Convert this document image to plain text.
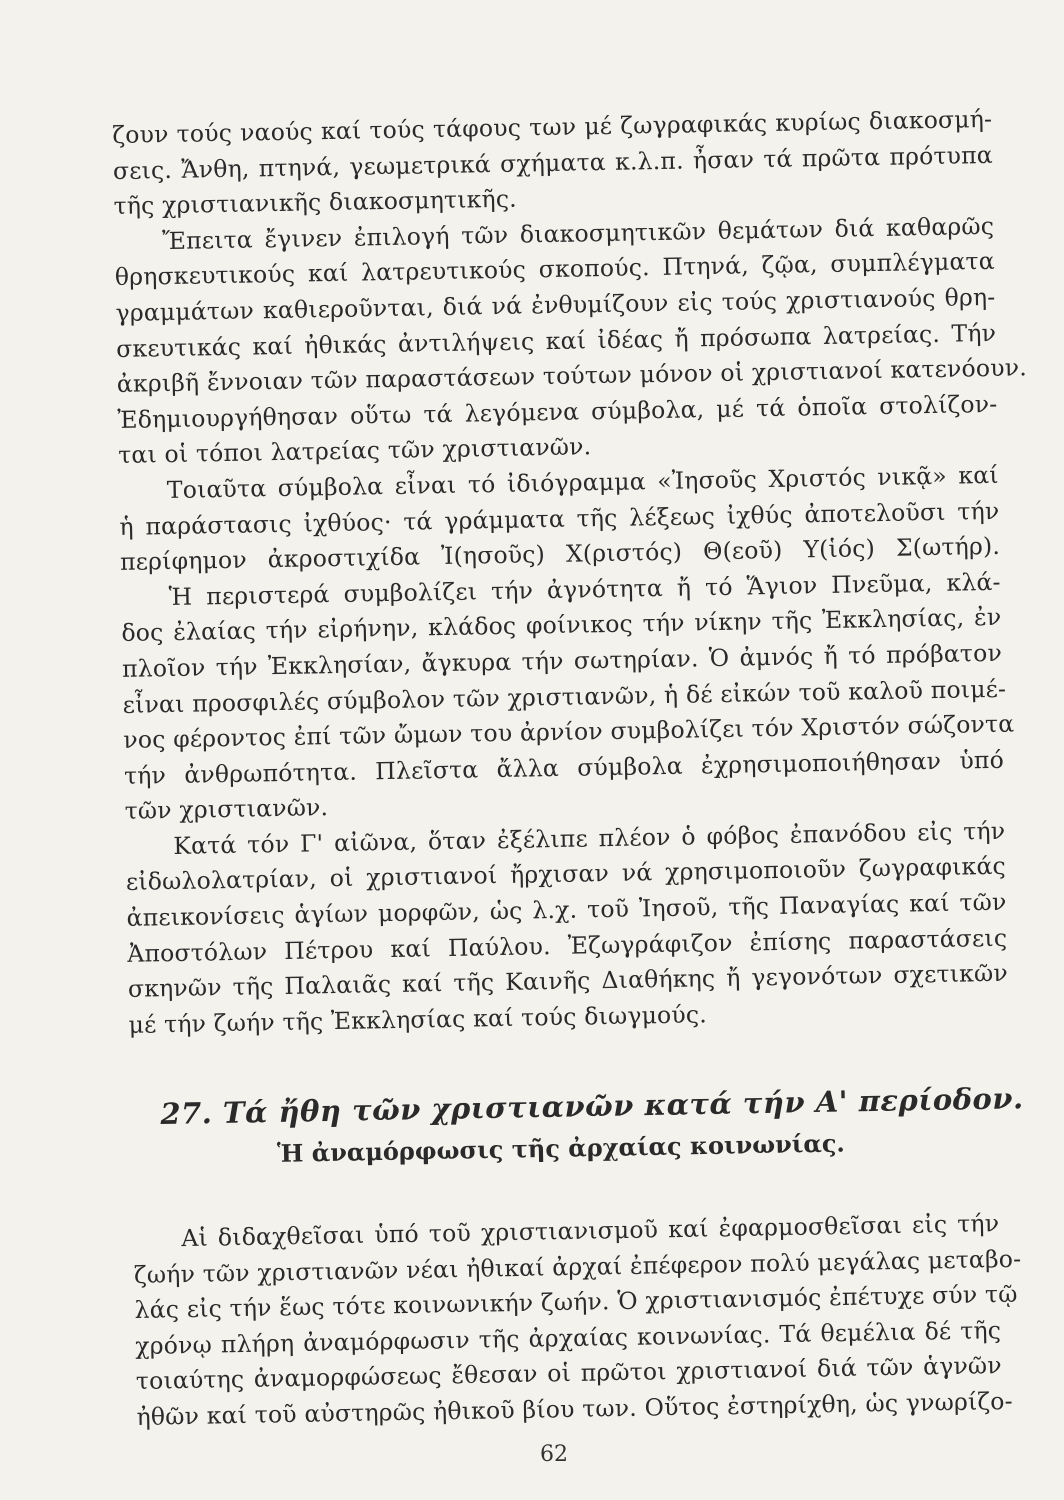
ζουν τούς ναούς καί τούς τάφους των μέ ζωγραφικάς κυρίως διακοσμή-
σεις. Ἄνθη, πτηνά, γεωμετρικά σχήματα κ.λ.π. ἦσαν τά πρῶτα πρότυπα
τῆς χριστιανικῆς διακοσμητικῆς.
Ἔπειτα ἔγινεν ἐπιλογή τῶν διακοσμητικῶν θεμάτων διά καθαρῶς
θρησκευτικούς καί λατρευτικούς σκοπούς. Πτηνά, ζῷα, συμπλέγματα
γραμμάτων καθιεροῦνται, διά νά ἐνθυμίζουν εἰς τούς χριστιανούς θρη-
σκευτικάς καί ἠθικάς ἀντιλήψεις καί ἰδέας ἤ πρόσωπα λατρείας. Τήν
ἀκριβῆ ἔννοιαν τῶν παραστάσεων τούτων μόνον οἱ χριστιανοί κατενόουν.
Ἐδημιουργήθησαν οὕτω τά λεγόμενα σύμβολα, μέ τά ὁποῖα στολίζον-
ται οἱ τόποι λατρείας τῶν χριστιανῶν.
Τοιαῦτα σύμβολα εἶναι τό ἰδιόγραμμα «Ἰησοῦς Χριστός νικᾷ» καί
ἡ παράστασις ἰχθύος· τά γράμματα τῆς λέξεως ἰχθύς ἀποτελοῦσι τήν
περίφημον ἀκροστιχίδα Ἰ(ησοῦς) Χ(ριστός) Θ(εοῦ) Υ(ἱός) Σ(ωτήρ).
Ἡ περιστερά συμβολίζει τήν ἀγνότητα ἤ τό Ἅγιον Πνεῦμα, κλά-
δος ἐλαίας τήν εἰρήνην, κλάδος φοίνικος τήν νίκην τῆς Ἐκκλησίας, ἐν
πλοῖον τήν Ἐκκλησίαν, ἄγκυρα τήν σωτηρίαν. Ὁ ἀμνός ἤ τό πρόβατον
εἶναι προσφιλές σύμβολον τῶν χριστιανῶν, ἡ δέ εἰκών τοῦ καλοῦ ποιμέ-
νος φέροντος ἐπί τῶν ὤμων του ἀρνίον συμβολίζει τόν Χριστόν σώζοντα
τήν ἀνθρωπότητα. Πλεῖστα ἄλλα σύμβολα ἐχρησιμοποιήθησαν ὑπό
τῶν χριστιανῶν.
Κατά τόν Γ' αἰῶνα, ὅταν ἐξέλιπε πλέον ὁ φόβος ἐπανόδου εἰς τήν
εἰδωλολατρίαν, οἱ χριστιανοί ἤρχισαν νά χρησιμοποιοῦν ζωγραφικάς
ἀπεικονίσεις ἁγίων μορφῶν, ὡς λ.χ. τοῦ Ἰησοῦ, τῆς Παναγίας καί τῶν
Ἀποστόλων Πέτρου καί Παύλου. Ἐζωγράφιζον ἐπίσης παραστάσεις
σκηνῶν τῆς Παλαιᾶς καί τῆς Καινῆς Διαθήκης ἤ γεγονότων σχετικῶν
μέ τήν ζωήν τῆς Ἐκκλησίας καί τούς διωγμούς.
27. Τά ἤθη τῶν χριστιανῶν κατά τήν Α' περίοδον.
Ἡ ἀναμόρφωσις τῆς ἀρχαίας κοινωνίας.
Αἱ διδαχθεῖσαι ὑπό τοῦ χριστιανισμοῦ καί ἐφαρμοσθεῖσαι εἰς τήν
ζωήν τῶν χριστιανῶν νέαι ἠθικαί ἀρχαί ἐπέφερον πολύ μεγάλας μεταβο-
λάς εἰς τήν ἕως τότε κοινωνικήν ζωήν. Ὁ χριστιανισμός ἐπέτυχε σύν τῷ
χρόνῳ πλήρη ἀναμόρφωσιν τῆς ἀρχαίας κοινωνίας. Τά θεμέλια δέ τῆς
τοιαύτης ἀναμορφώσεως ἔθεσαν οἱ πρῶτοι χριστιανοί διά τῶν ἁγνῶν
ἠθῶν καί τοῦ αὐστηρῶς ἠθικοῦ βίου των. Οὕτος ἐστηρίχθη, ὡς γνωρίζο-
62
